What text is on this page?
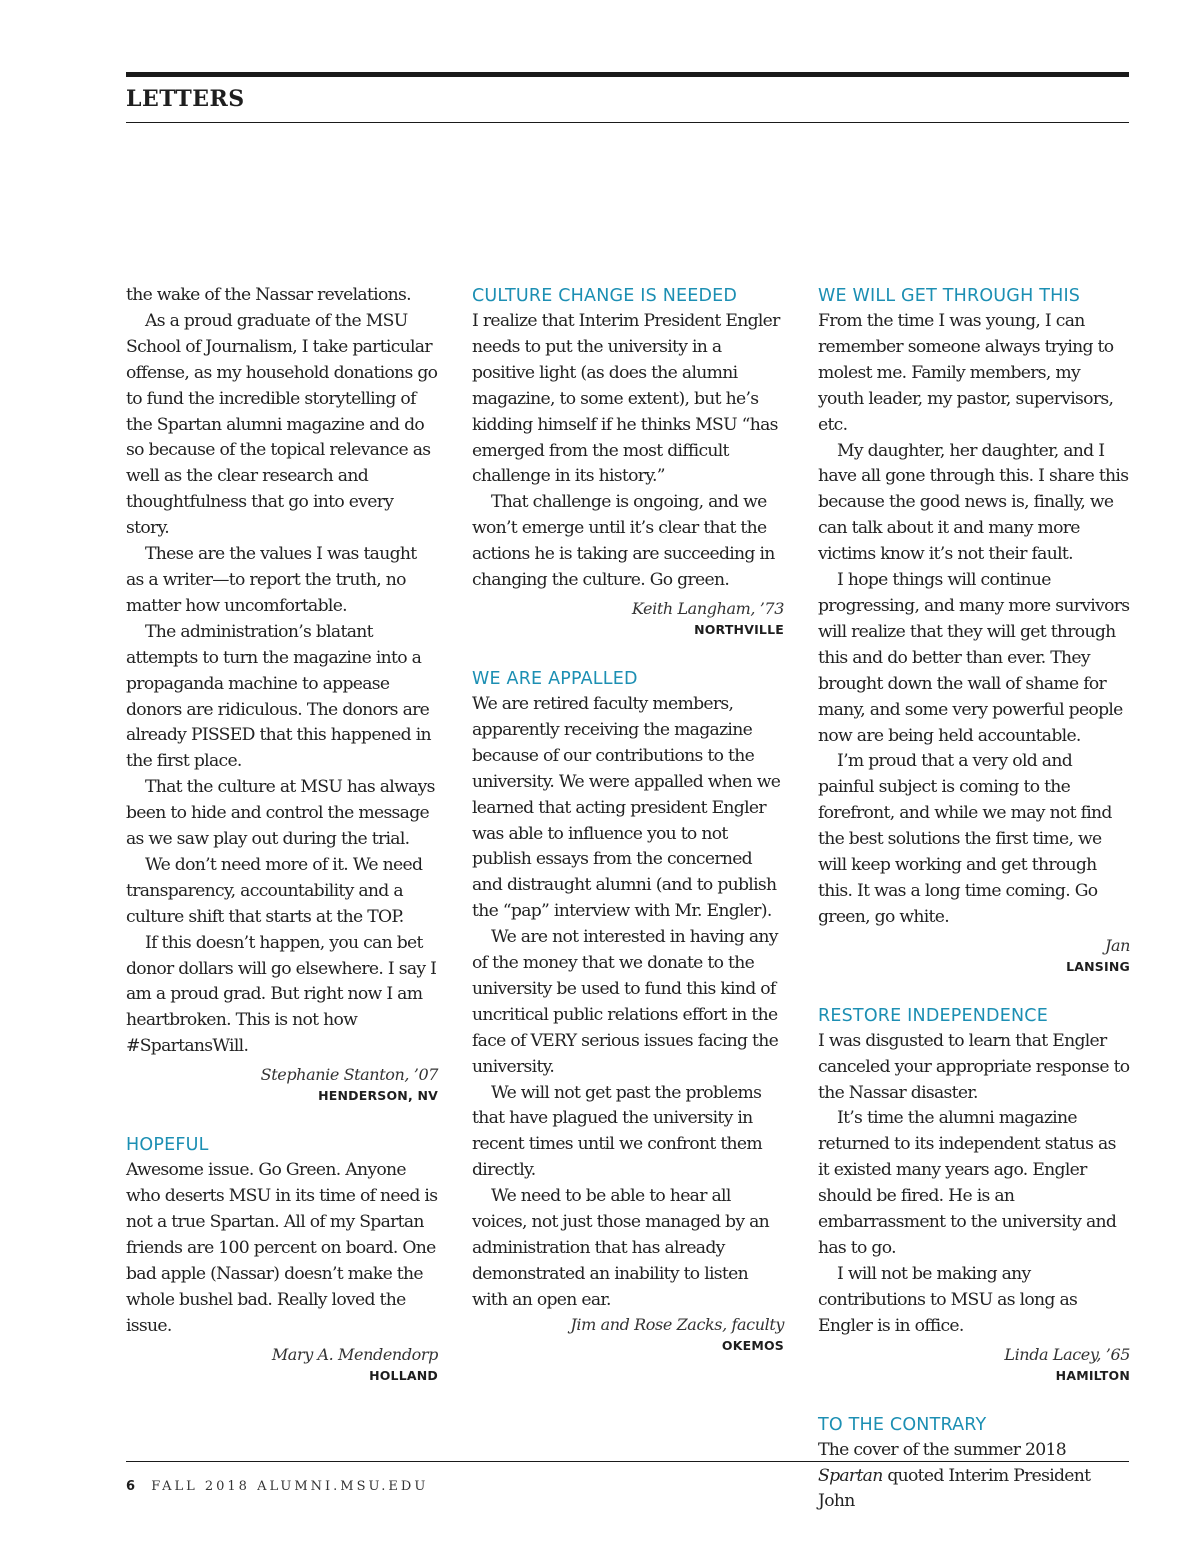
LETTERS

the wake of the Nassar revelations.

As a proud graduate of the MSU School of Journalism, I take particular offense, as my household donations go to fund the incredible storytelling of the Spartan alumni magazine and do so because of the topical relevance as well as the clear research and thoughtfulness that go into every story.

These are the values I was taught as a writer—to report the truth, no matter how uncomfortable.

The administration’s blatant attempts to turn the magazine into a propaganda machine to appease donors are ridiculous. The donors are already PISSED that this happened in the first place.

That the culture at MSU has always been to hide and control the message as we saw play out during the trial.

We don’t need more of it. We need transparency, accountability and a culture shift that starts at the TOP.

If this doesn’t happen, you can bet donor dollars will go elsewhere. I say I am a proud grad. But right now I am heartbroken. This is not how #SpartansWill.

Stephanie Stanton, ’07
HENDERSON, NV
HOPEFUL

Awesome issue. Go Green. Anyone who deserts MSU in its time of need is not a true Spartan. All of my Spartan friends are 100 percent on board. One bad apple (Nassar) doesn’t make the whole bushel bad. Really loved the issue.

Mary A. Mendendorp
HOLLAND
CULTURE CHANGE IS NEEDED

I realize that Interim President Engler needs to put the university in a positive light (as does the alumni magazine, to some extent), but he’s kidding himself if he thinks MSU “has emerged from the most difficult challenge in its history.”

That challenge is ongoing, and we won’t emerge until it’s clear that the actions he is taking are succeeding in changing the culture. Go green.

Keith Langham, ’73
NORTHVILLE
WE ARE APPALLED

We are retired faculty members, apparently receiving the magazine because of our contributions to the university. We were appalled when we learned that acting president Engler was able to influence you to not publish essays from the concerned and distraught alumni (and to publish the “pap” interview with Mr. Engler).

We are not interested in having any of the money that we donate to the university be used to fund this kind of uncritical public relations effort in the face of VERY serious issues facing the university.

We will not get past the problems that have plagued the university in recent times until we confront them directly.

We need to be able to hear all voices, not just those managed by an administration that has already demonstrated an inability to listen with an open ear.

Jim and Rose Zacks, faculty
OKEMOS
WE WILL GET THROUGH THIS

From the time I was young, I can remember someone always trying to molest me. Family members, my youth leader, my pastor, supervisors, etc.

My daughter, her daughter, and I have all gone through this. I share this because the good news is, finally, we can talk about it and many more victims know it’s not their fault.

I hope things will continue progressing, and many more survivors will realize that they will get through this and do better than ever. They brought down the wall of shame for many, and some very powerful people now are being held accountable.

I’m proud that a very old and painful subject is coming to the forefront, and while we may not find the best solutions the first time, we will keep working and get through this. It was a long time coming. Go green, go white.

Jan
LANSING
RESTORE INDEPENDENCE

I was disgusted to learn that Engler canceled your appropriate response to the Nassar disaster.

It’s time the alumni magazine returned to its independent status as it existed many years ago. Engler should be fired. He is an embarrassment to the university and has to go.

I will not be making any contributions to MSU as long as Engler is in office.

Linda Lacey, ’65
HAMILTON
TO THE CONTRARY

The cover of the summer 2018 Spartan quoted Interim President John

6 FALL 2018 ALUMNI.MSU.EDU
